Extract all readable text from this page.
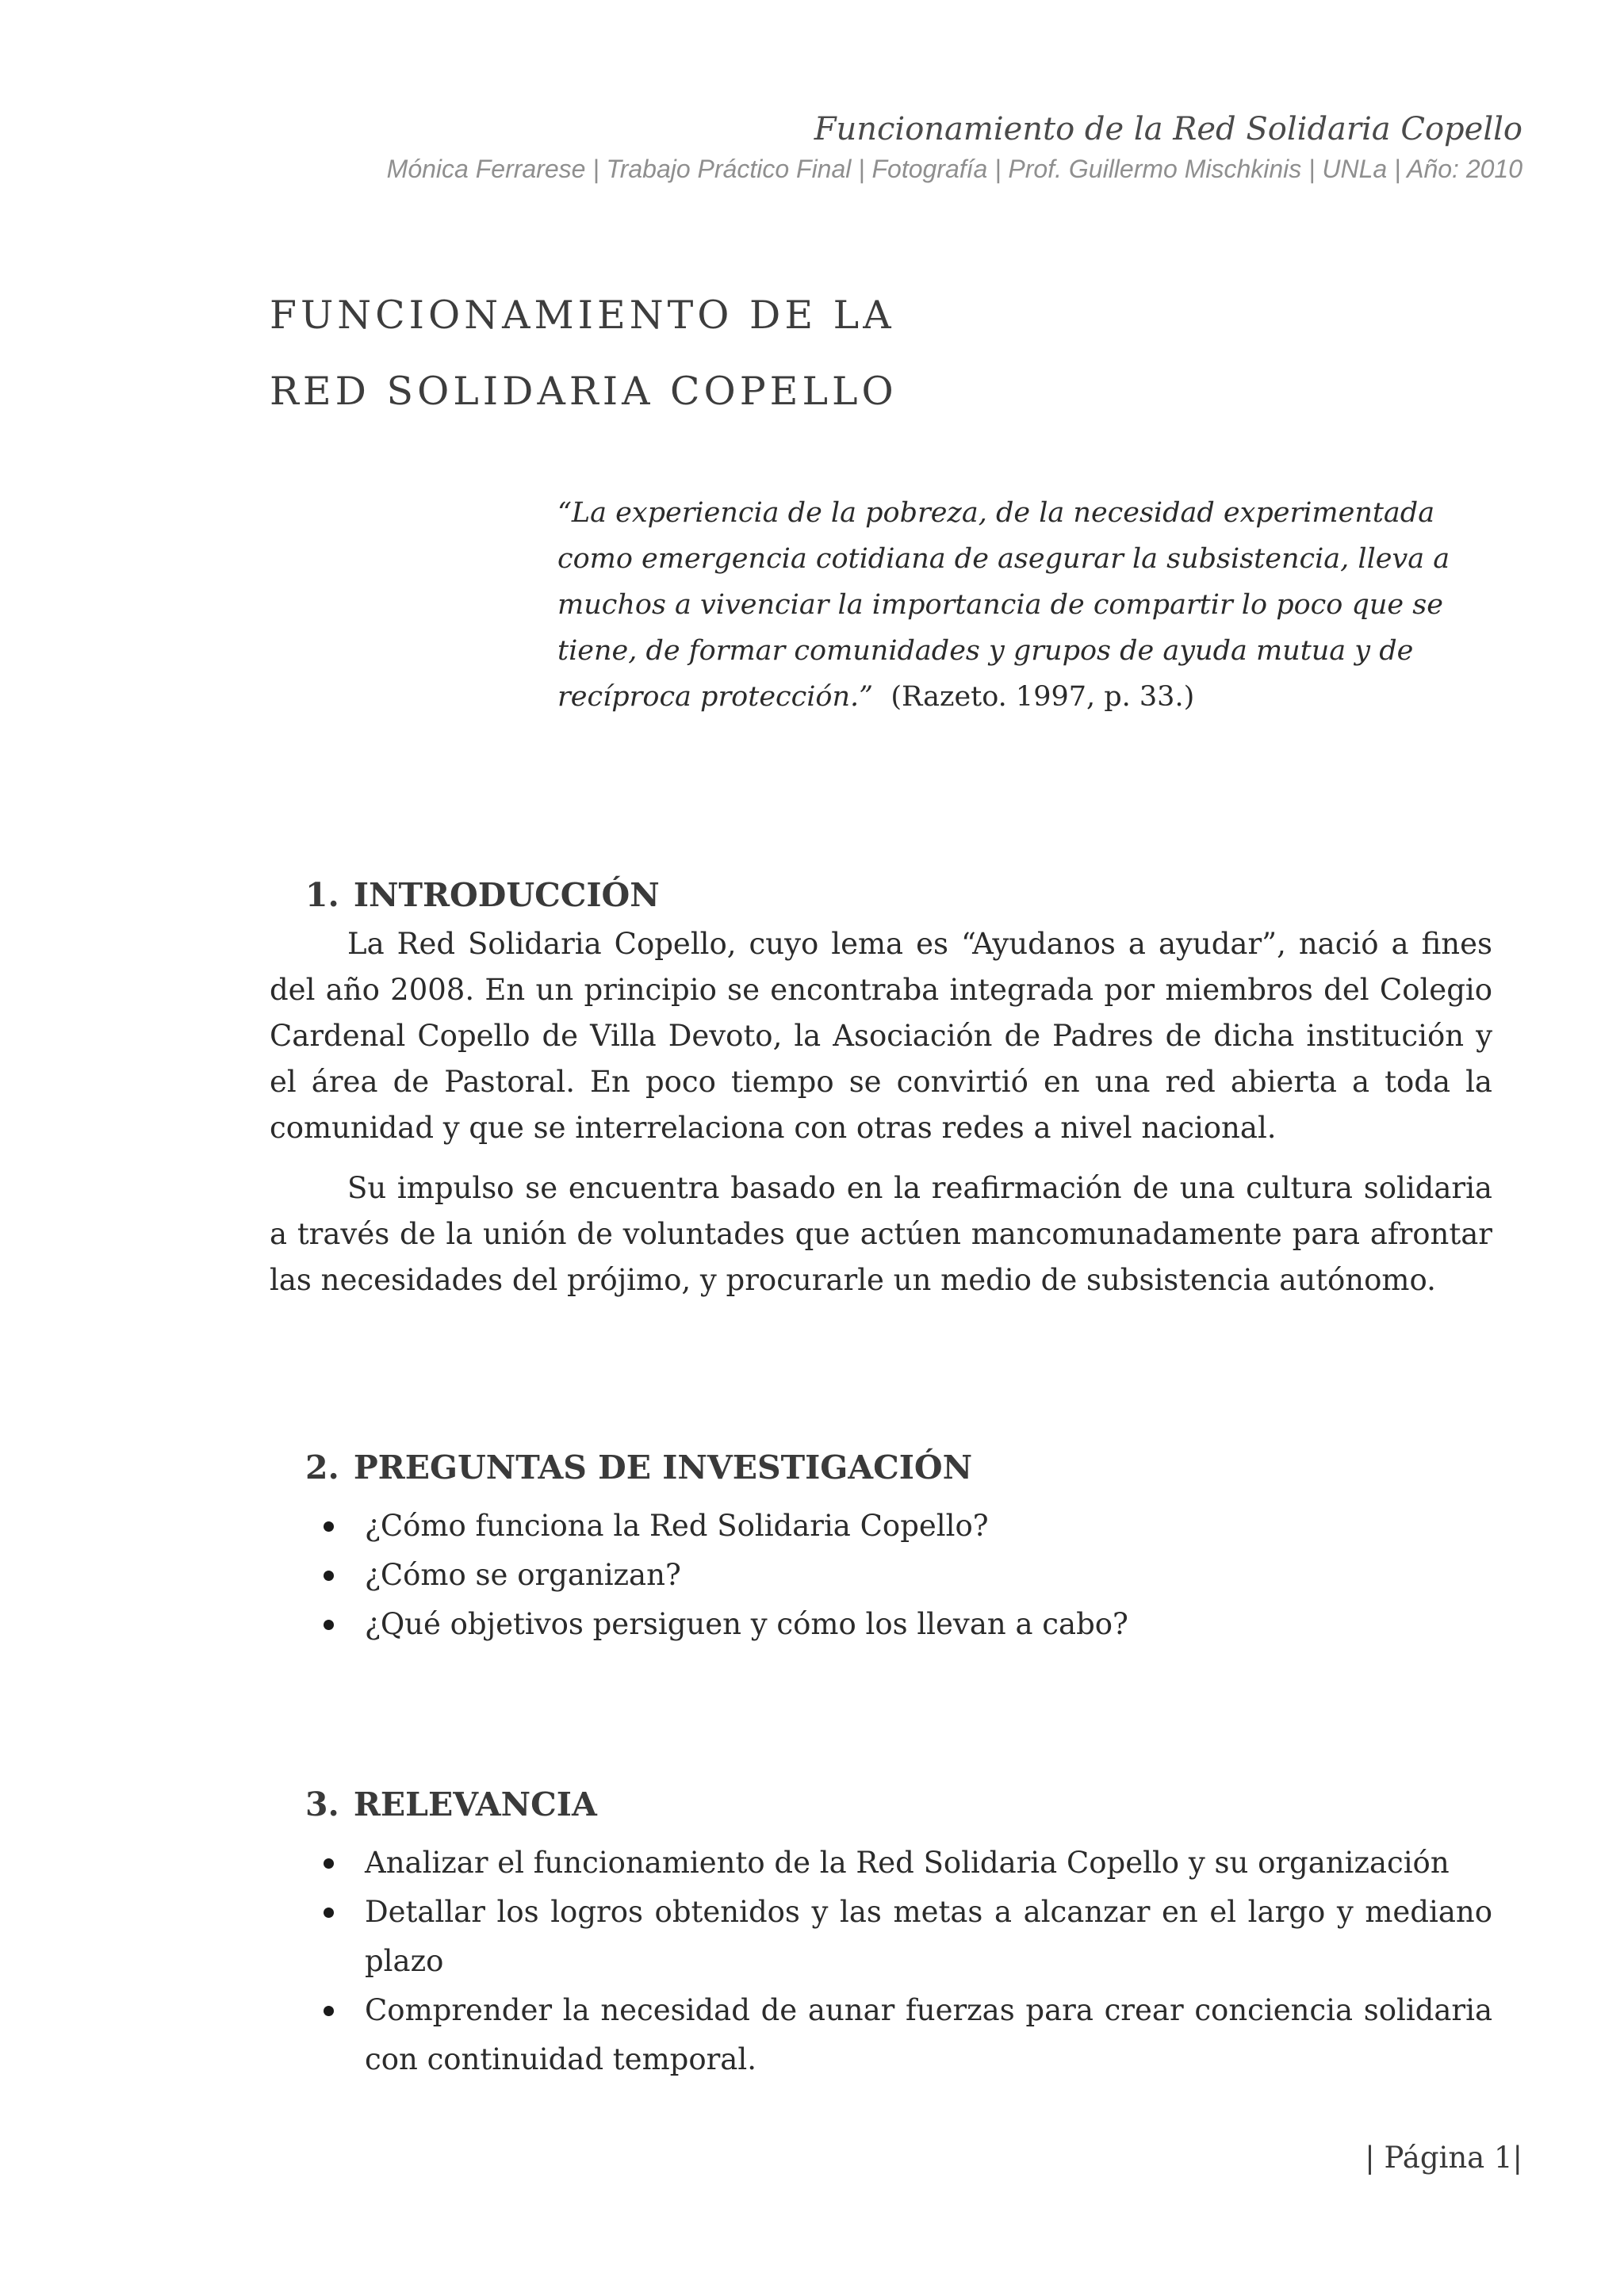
Funcionamiento de la Red Solidaria Copello
Mónica Ferrarese | Trabajo Práctico Final | Fotografía | Prof. Guillermo Mischkinis | UNLa | Año: 2010
FUNCIONAMIENTO DE LA
RED SOLIDARIA COPELLO
“La experiencia de la pobreza, de la necesidad experimentada como emergencia cotidiana de asegurar la subsistencia, lleva a muchos a vivenciar la importancia de compartir lo poco que se tiene, de formar comunidades y grupos de ayuda mutua y de recíproca protección.” (Razeto. 1997, p. 33.)
1. INTRODUCCIÓN

La Red Solidaria Copello, cuyo lema es “Ayudanos a ayudar”, nació a fines del año 2008. En un principio se encontraba integrada por miembros del Colegio Cardenal Copello de Villa Devoto, la Asociación de Padres de dicha institución y el área de Pastoral. En poco tiempo se convirtió en una red abierta a toda la comunidad y que se interrelaciona con otras redes a nivel nacional.

Su impulso se encuentra basado en la reafirmación de una cultura solidaria a través de la unión de voluntades que actúen mancomunadamente para afrontar las necesidades del prójimo, y procurarle un medio de subsistencia autónomo.

2. PREGUNTAS DE INVESTIGACIÓN
¿Cómo funciona la Red Solidaria Copello?
¿Cómo se organizan?
¿Qué objetivos persiguen y cómo los llevan a cabo?
3. RELEVANCIA
Analizar el funcionamiento de la Red Solidaria Copello y su organización
Detallar los logros obtenidos y las metas a alcanzar en el largo y mediano plazo
Comprender la necesidad de aunar fuerzas para crear conciencia solidaria con continuidad temporal.
| Página 1|
